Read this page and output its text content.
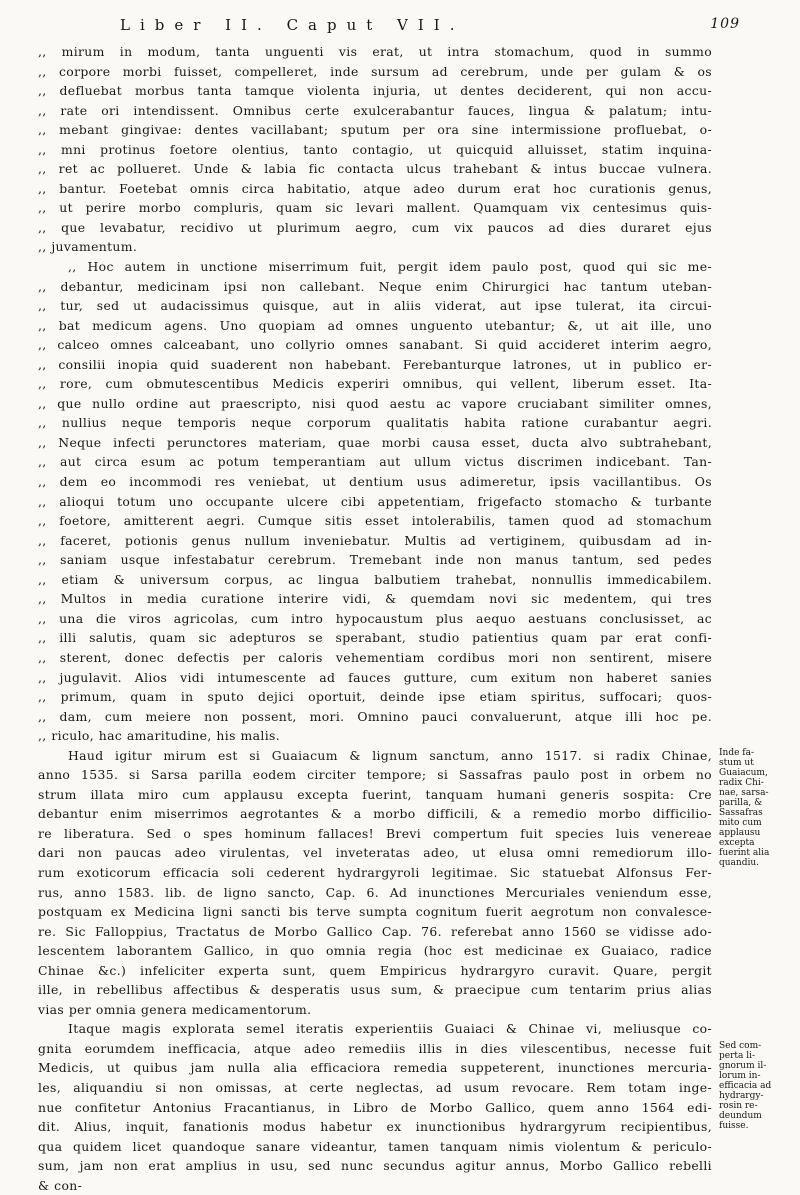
Liber II. Caput VII.	109
,, mirum in modum, tanta unguenti vis erat, ut intra stomachum, quod in summo
,, corpore morbi fuisset, compelleret, inde sursum ad cerebrum, unde per gulam & os
,, defluebat morbus tanta tamque violenta injuria, ut dentes deciderent, qui non accu-
,, rate ori intendissent. Omnibus certe exulcerabantur fauces, lingua & palatum; intu-
,, mebant gingivae: dentes vacillabant; sputum per ora sine intermissione profluebat, o-
,, mni protinus foetore olentius, tanto contagio, ut quicquid alluisset, statim inquina-
,, ret ac pollueret. Unde & labia fic contacta ulcus trahebant & intus buccae vulnera.
,, bantur. Foetebat omnis circa habitatio, atque adeo durum erat hoc curationis genus,
,, ut perire morbo compluris, quam sic levari mallent. Quamquam vix centesimus quis-
,, que levabatur, recidivo ut plurimum aegro, cum vix paucos ad dies duraret ejus
,, juvamentum.
,, Hoc autem in unctione miserrimum fuit, pergit idem paulo post, quod qui sic me-
,, debantur, medicinam ipsi non callebant. Neque enim Chirurgici hac tantum uteban-
,, tur, sed ut audacissimus quisque, aut in aliis viderat, aut ipse tulerat, ita circui-
,, bat medicum agens. Uno quopiam ad omnes unguento utebantur; &, ut ait ille, uno
,, calceo omnes calceabant, uno collyrio omnes sanabant. Si quid accideret interim aegro,
,, consilii inopia quid suaderent non habebant. Ferebanturque latrones, ut in publico er-
,, rore, cum obmutescentibus Medicis experiri omnibus, qui vellent, liberum esset. Ita-
,, que nullo ordine aut praescripto, nisi quod aestu ac vapore cruciabant similiter omnes,
,, nullius neque temporis neque corporum qualitatis habita ratione curabantur aegri.
,, Neque infecti perunctores materiam, quae morbi causa esset, ducta alvo subtrahebant,
,, aut circa esum ac potum temperantiam aut ullum victus discrimen indicebant. Tan-
,, dem eo incommodi res veniebat, ut dentium usus adimeretur, ipsis vacillantibus. Os
,, alioqui totum uno occupante ulcere cibi appetentiam, frigefacto stomacho & turbante
,, foetore, amitterent aegri. Cumque sitis esset intolerabilis, tamen quod ad stomachum
,, faceret, potionis genus nullum inveniebatur. Multis ad vertiginem, quibusdam ad in-
,, saniam usque infestabatur cerebrum. Tremebant inde non manus tantum, sed pedes
,, etiam & universum corpus, ac lingua balbutiem trahebat, nonnullis immedicabilem.
,, Multos in media curatione interire vidi, & quemdam novi sic medentem, qui tres
,, una die viros agricolas, cum intro hypocaustum plus aequo aestuans conclusisset, ac
,, illi salutis, quam sic adepturos se sperabant, studio patientius quam par erat confi-
,, sterent, donec defectis per caloris vehementiam cordibus mori non sentirent, misere
,, jugulavit. Alios vidi intumescente ad fauces gutture, cum exitum non haberet sanies
,, primum, quam in sputo dejici oportuit, deinde ipse etiam spiritus, suffocari; quos-
,, dam, cum meiere non possent, mori. Omnino pauci convaluerunt, atque illi hoc pe.
,, riculo, hac amaritudine, his malis.
Haud igitur mirum est si Guaiacum & lignum sanctum, anno 1517. si radix Chinae,
anno 1535. si Sarsa parilla eodem circiter tempore; si Sassafras paulo post in orbem no
strum illata miro cum applausu excepta fuerint, tanquam humani generis sospita: Cre
debantur enim miserrimos aegrotantes & a morbo difficili, & a remedio morbo difficilio-
re liberatura. Sed o spes hominum fallaces! Brevi compertum fuit species luis venereae
dari non paucas adeo virulentas, vel inveteratas adeo, ut elusa omni remediorum illo-
rum exoticorum efficacia soli cederent hydrargyroli legitimae. Sic statuebat Alfonsus Fer-
rus, anno 1583. lib. de ligno sancto, Cap. 6. Ad inunctiones Mercuriales veniendum esse,
postquam ex Medicina ligni sancti bis terve sumpta cognitum fuerit aegrotum non convalesce-
re. Sic Falloppius, Tractatus de Morbo Gallico Cap. 76. referebat anno 1560 se vidisse ado-
lescentem laborantem Gallico, in quo omnia regia (hoc est medicinae ex Guaiaco, radice
Chinae &c.) infeliciter experta sunt, quem Empiricus hydrargyro curavit. Quare, pergit
ille, in rebellibus affectibus & desperatis usus sum, & praecipue cum tentarim prius alias
vias per omnia genera medicamentorum.
Itaque magis explorata semel iteratis experientiis Guaiaci & Chinae vi, meliusque co-
gnita eorumdem inefficacia, atque adeo remediis illis in dies vilescentibus, necesse fuit
Medicis, ut quibus jam nulla alia efficaciora remedia suppeterent, inunctiones mercuria-
les, aliquandiu si non omissas, at certe neglectas, ad usum revocare. Rem totam inge-
nue confitetur Antonius Fracantianus, in Libro de Morbo Gallico, quem anno 1564 edi-
dit. Alius, inquit, fanationis modus habetur ex inunctionibus hydrargyrum recipientibus,
qua quidem licet quandoque sanare videantur, tamen tanquam nimis violentum & periculo-
sum, jam non erat amplius in usu, sed nunc secundus agitur annus, Morbo Gallico rebelli
& con-
Inde fa-
stum ut
Guaiacum,
radix Chi-
nae, sarsa-
parilla, &
Sassafras
mito cum
applausu
excepta
fuerint alia
quandiu.
Sed com-
perta li-
gnorum il-
lorum in-
efficacia ad
hydrargy-
rosin re-
deundum
fuisse.
